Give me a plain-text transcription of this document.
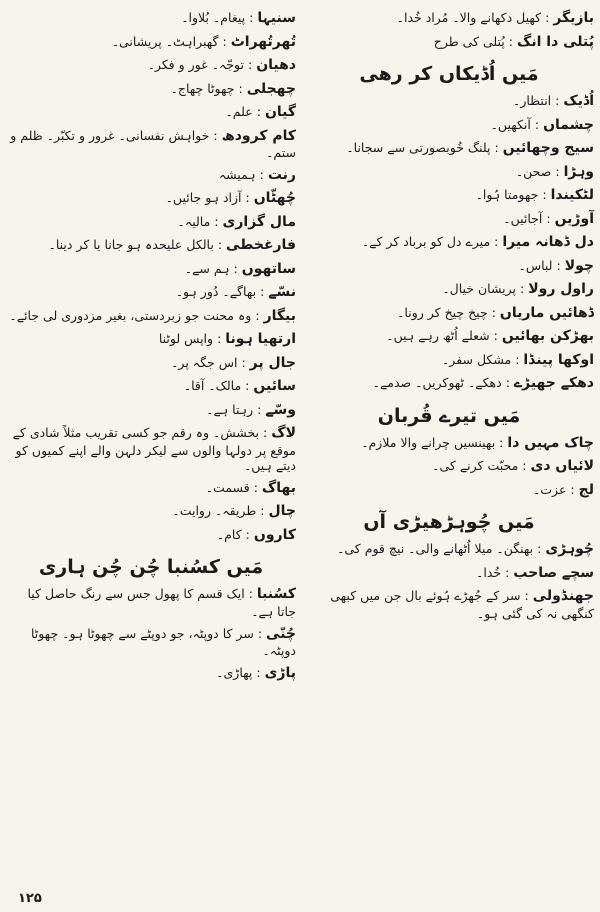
بازیگر:کھیل دکھانے والا۔ مُراد خُدا۔
پُتلی دا انگ:پُتلی کی طرح
مَیں اُڈیکاں کر رھی
اُڈیک:انتظار۔
چشماں:آنکھیں۔
سیج وچھائیں:پلنگ خُوبصورتی سے سجانا۔
وہڑا:صحن۔
لٹکیندا:جھومتا ہُوا۔
آوڑیں:آجائیں۔
دل ڈھانہ میرا:میرے دل کو برباد کر کے۔
چولا:لباس۔
راول رولا:پریشان خیال۔
ڈھائیں ماریاں:چیخ چیخ کر رونا۔
بھڑکن بھائیں:شعلے اُٹھ رہے ہیں۔
اوکھا پینڈا:مشکل سفر۔
دھکے جھیڑے:دھکے۔ ٹھوکریں۔ صدمے۔
مَیں تیرے قُربان
چاک مہیں دا:بھینسیں چرانے والا ملازم۔
لائیاں دی:محبّت کرنے کی۔
لج:عزت۔
مَیں چُوہڑھیڑی آں
چُوہڑی:بھنگن۔ میلا اُٹھانے والی۔ نیچ قوم کی۔
سچے صاحب:خُدا۔
جھنڈولی:سر کے جُھڑے ہُوئے بال جن میں کبھی کنگھی نہ کی گئی ہو۔
سنیہا:پیغام۔ بُلاوا۔
تُھرتُھراٹ:گھبراہٹ۔ پریشانی۔
دھیان:توجّہ۔ غور و فکر۔
چھجلی:چھوٹا چھاج۔
گیان:علم۔
کام کرودھ:خواہش نفسانی۔ غرور و تکبّر۔ ظلم و ستم۔
رنت:ہمیشہ
چُھٹّاں:آزاد ہو جائیں۔
مال گزاری:مالیہ۔
فارغخطی:بالکل علیحدہ ہو جانا یا کر دینا۔
ساتھوں:ہم سے۔
نسّے:بھاگے۔ دُور ہو۔
بیگار:وہ محنت جو زبردستی، بغیر مزدوری لی جائے۔
ارتھیا ہونا:واپس لوٹنا
جال پر:اس جگہ پر۔
سائیں:مالک۔ آقا۔
وسّے:رہتا ہے۔
لاگ:بخشش۔ وہ رقم جو کسی تقریب مثلاً شادی کے موقع پر دولہا والوں سے لیکر دلہن والے اپنے کمیوں کو دیتے ہیں۔
بھاگ:قسمت۔
چال:طریقہ۔ روایت۔
کاروں:کام۔
مَیں کسُنبا چُن چُن ہاری
کسُنبا:ایک قسم کا پھول جس سے رنگ حاصل کیا جاتا ہے۔
چُنّی:سر کا دوپٹہ، جو دوپٹے سے چھوٹا ہو۔ چھوٹا دوپٹہ۔
پاڑی:پھاڑی۔
۱۲۵
